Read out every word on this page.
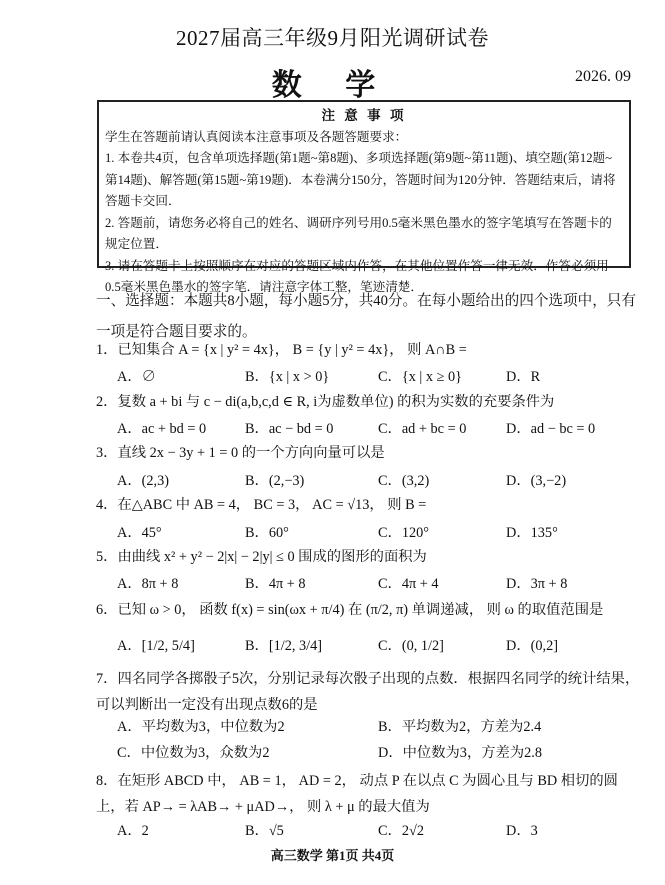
2027届高三年级9月阳光调研试卷
数 学	2026. 09
注 意 事 项
学生在答题前请认真阅读本注意事项及各题答题要求：
1. 本卷共4页，包含单项选择题(第1题~第8题)、多项选择题(第9题~第11题)、填空题(第12题~第14题)、解答题(第15题~第19题)．本卷满分150分，答题时间为120分钟．答题结束后，请将答题卡交回．
2. 答题前，请您务必将自己的姓名、调研序列号用0.5毫米黑色墨水的签字笔填写在答题卡的规定位置．
3. 请在答题卡上按照顺序在对应的答题区域内作答，在其他位置作答一律无效．作答必须用0.5毫米黑色墨水的签字笔．请注意字体工整，笔迹清楚．
一、选择题：本题共8小题，每小题5分，共40分。在每小题给出的四个选项中，只有一项是符合题目要求的。
1．已知集合 A = {x | y² = 4x}， B = {y | y² = 4x}， 则 A∩B =
A．∅	B．{x | x > 0}	C．{x | x ≥ 0}	D．R
2．复数 a + bi 与 c − di(a,b,c,d ∈ R, i为虚数单位) 的积为实数的充要条件为
A．ac + bd = 0	B．ac − bd = 0	C．ad + bc = 0	D．ad − bc = 0
3．直线 2x − 3y + 1 = 0 的一个方向向量可以是
A．(2,3)	B．(2,−3)	C．(3,2)	D．(3,−2)
4．在△ABC 中 AB = 4， BC = 3， AC = √13， 则 B =
A．45°	B．60°	C．120°	D．135°
5．由曲线 x² + y² − 2|x| − 2|y| ≤ 0 围成的图形的面积为
A．8π + 8	B．4π + 8	C．4π + 4	D．3π + 8
6．已知 ω > 0， 函数 f(x) = sin(ωx + π/4) 在 (π/2, π) 单调递减， 则 ω 的取值范围是
A．[1/2, 5/4]	B．[1/2, 3/4]	C．(0, 1/2]	D．(0,2]
7．四名同学各掷骰子5次，分别记录每次骰子出现的点数．根据四名同学的统计结果，可以判断出一定没有出现点数6的是
A．平均数为3，中位数为2	B．平均数为2，方差为2.4
C．中位数为3，众数为2	D．中位数为3，方差为2.8
8．在矩形 ABCD 中， AB = 1， AD = 2， 动点 P 在以点 C 为圆心且与 BD 相切的圆上，若 AP→ = λAB→ + μAD→， 则 λ + μ 的最大值为
A．2	B．√5	C．2√2	D．3
高三数学 第1页 共4页
